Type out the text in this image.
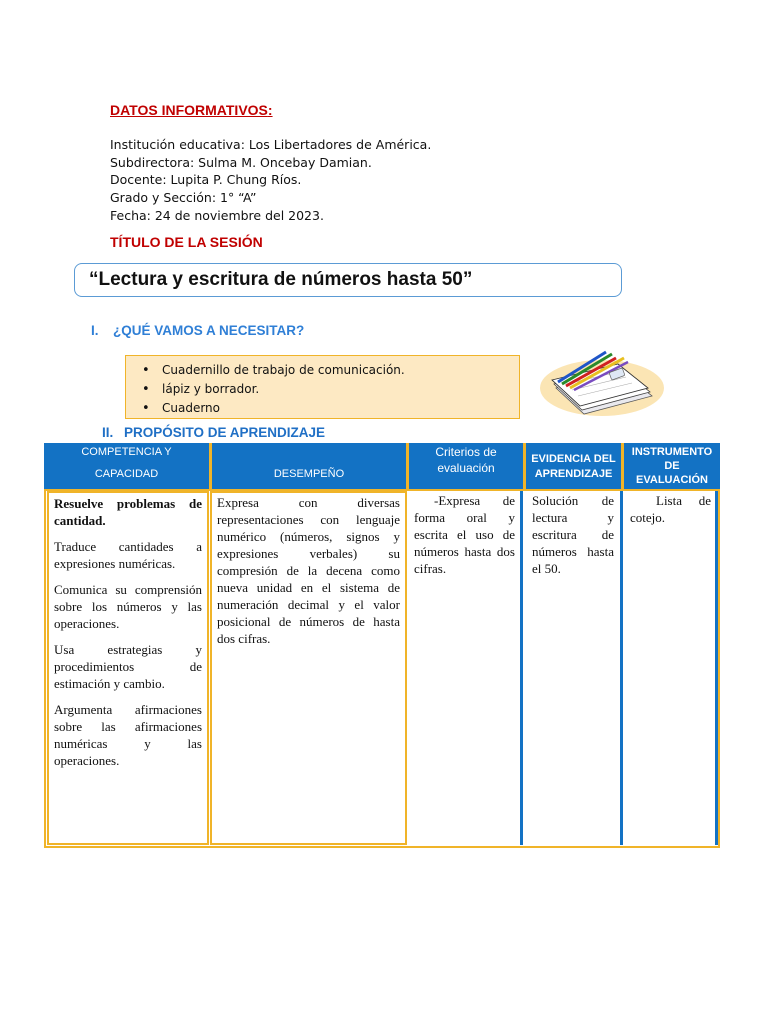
DATOS INFORMATIVOS:
Institución educativa: Los Libertadores de América.
Subdirectora: Sulma M. Oncebay Damian.
Docente: Lupita P. Chung Ríos.
Grado y Sección: 1° “A”
Fecha: 24 de noviembre del 2023.
TÍTULO DE LA SESIÓN
“Lectura y escritura de números hasta 50”
I. ¿QUÉ VAMOS A NECESITAR?
• Cuadernillo de trabajo de comunicación.
• lápiz y borrador.
• Cuaderno
II. PROPÓSITO DE APRENDIZAJE
COMPETENCIA Y
CAPACIDAD	DESEMPEÑO
Criterios de
evaluación
EVIDENCIA DEL
APRENDIZAJE
INSTRUMENTO
DE
EVALUACIÓN

Resuelve problemas de cantidad.

Traduce cantidades a expresiones numéricas.

Comunica su comprensión sobre los números y las operaciones.

Usa estrategias y procedimientos de estimación y cambio.

Argumenta afirmaciones sobre las afirmaciones numéricas y las operaciones.

Expresa con diversas representaciones con lenguaje numérico (números, signos y expresiones verbales) su compresión de la decena como nueva unidad en el sistema de numeración decimal y el valor posicional de números de hasta dos cifras.

-Expresa de forma oral y escrita el uso de números hasta dos cifras.

Solución de lectura y escritura de números hasta el 50.

Lista de cotejo.
